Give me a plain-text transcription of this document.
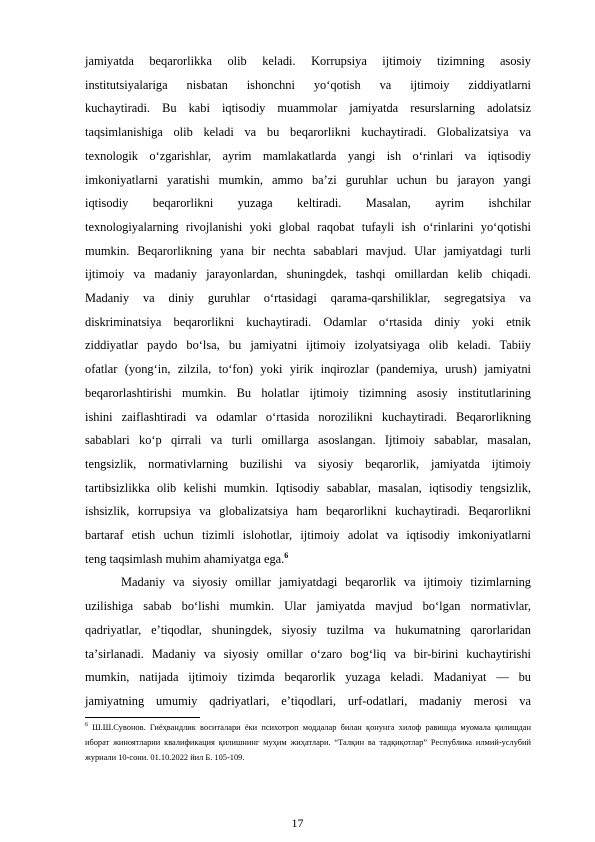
jamiyatda beqarorlikka olib keladi. Korrupsiya ijtimoiy tizimning asosiy

institutsiyalariga nisbatan ishonchni yoʻqotish va ijtimoiy ziddiyatlarni

kuchaytiradi. Bu kabi iqtisodiy muammolar jamiyatda resurslarning adolatsiz

taqsimlanishiga olib keladi va bu beqarorlikni kuchaytiradi. Globalizatsiya va

texnologik oʻzgarishlar, ayrim mamlakatlarda yangi ish oʻrinlari va iqtisodiy

imkoniyatlarni yaratishi mumkin, ammo baʼzi guruhlar uchun bu jarayon yangi

iqtisodiy beqarorlikni yuzaga keltiradi. Masalan, ayrim ishchilar

texnologiyalarning rivojlanishi yoki global raqobat tufayli ish oʻrinlarini yoʻqotishi

mumkin. Beqarorlikning yana bir nechta sabablari mavjud. Ular jamiyatdagi turli

ijtimoiy va madaniy jarayonlardan, shuningdek, tashqi omillardan kelib chiqadi.

Madaniy va diniy guruhlar oʻrtasidagi qarama-qarshiliklar, segregatsiya va

diskriminatsiya beqarorlikni kuchaytiradi. Odamlar oʻrtasida diniy yoki etnik

ziddiyatlar paydo boʻlsa, bu jamiyatni ijtimoiy izolyatsiyaga olib keladi. Tabiiy

ofatlar (yongʻin, zilzila, toʻfon) yoki yirik inqirozlar (pandemiya, urush) jamiyatni

beqarorlashtirishi mumkin. Bu holatlar ijtimoiy tizimning asosiy institutlarining

ishini zaiflashtiradi va odamlar oʻrtasida norozilikni kuchaytiradi. Beqarorlikning

sabablari koʻp qirrali va turli omillarga asoslangan. Ijtimoiy sabablar, masalan,

tengsizlik, normativlarning buzilishi va siyosiy beqarorlik, jamiyatda ijtimoiy

tartibsizlikka olib kelishi mumkin. Iqtisodiy sabablar, masalan, iqtisodiy tengsizlik,

ishsizlik, korrupsiya va globalizatsiya ham beqarorlikni kuchaytiradi. Beqarorlikni

bartaraf etish uchun tizimli islohotlar, ijtimoiy adolat va iqtisodiy imkoniyatlarni

teng taqsimlash muhim ahamiyatga ega.$^6$

Madaniy va siyosiy omillar jamiyatdagi beqarorlik va ijtimoiy tizimlarning

uzilishiga sabab boʻlishi mumkin. Ular jamiyatda mavjud boʻlgan normativlar,

qadriyatlar, eʼtiqodlar, shuningdek, siyosiy tuzilma va hukumatning qarorlaridan

taʼsirlanadi. Madaniy va siyosiy omillar oʻzaro bogʻliq va bir-birini kuchaytirishi

mumkin, natijada ijtimoiy tizimda beqarorlik yuzaga keladi. Madaniyat — bu

jamiyatning umumiy qadriyatlari, eʼtiqodlari, urf-odatlari, madaniy merosi va

$^6$ Ш.Ш.Сувонов. Гиёҳвандлик воситалари ёки психотроп моддалар билан қонунга хилоф равишда муомала қилишдан иборат жиноятларни квалификация қилишнинг муҳим жиҳатлари. “Талқин ва тадқиқотлар” Республика илмий-услубий журнали 10-сони. 01.10.2022 йил Б. 105-109.
17
